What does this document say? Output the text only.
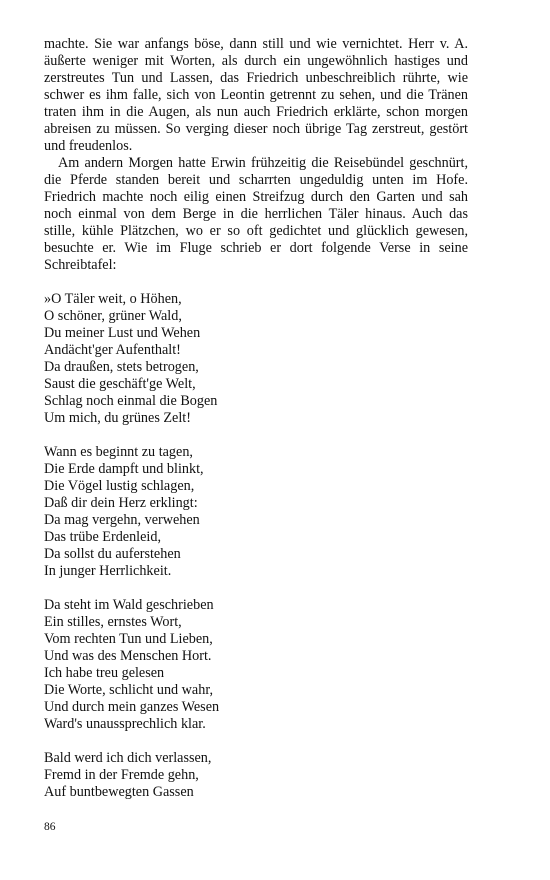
machte. Sie war anfangs böse, dann still und wie vernichtet. Herr v. A. äußerte weniger mit Worten, als durch ein ungewöhnlich hastiges und zerstreutes Tun und Lassen, das Friedrich unbeschreiblich rührte, wie schwer es ihm falle, sich von Leontin getrennt zu sehen, und die Tränen traten ihm in die Augen, als nun auch Friedrich erklärte, schon morgen abreisen zu müssen. So verging dieser noch übrige Tag zerstreut, gestört und freudenlos.

Am andern Morgen hatte Erwin frühzeitig die Reisebündel geschnürt, die Pferde standen bereit und scharrten ungeduldig unten im Hofe. Friedrich machte noch eilig einen Streifzug durch den Garten und sah noch einmal von dem Berge in die herrlichen Täler hinaus. Auch das stille, kühle Plätzchen, wo er so oft gedichtet und glücklich gewesen, besuchte er. Wie im Fluge schrieb er dort folgende Verse in seine Schreibtafel:

»O Täler weit, o Höhen,
O schöner, grüner Wald,
Du meiner Lust und Wehen
Andächt'ger Aufenthalt!
Da draußen, stets betrogen,
Saust die geschäft'ge Welt,
Schlag noch einmal die Bogen
Um mich, du grünes Zelt!
Wann es beginnt zu tagen,
Die Erde dampft und blinkt,
Die Vögel lustig schlagen,
Daß dir dein Herz erklingt:
Da mag vergehn, verwehen
Das trübe Erdenleid,
Da sollst du auferstehen
In junger Herrlichkeit.
Da steht im Wald geschrieben
Ein stilles, ernstes Wort,
Vom rechten Tun und Lieben,
Und was des Menschen Hort.
Ich habe treu gelesen
Die Worte, schlicht und wahr,
Und durch mein ganzes Wesen
Ward's unaussprechlich klar.
Bald werd ich dich verlassen,
Fremd in der Fremde gehn,
Auf buntbewegten Gassen
86
